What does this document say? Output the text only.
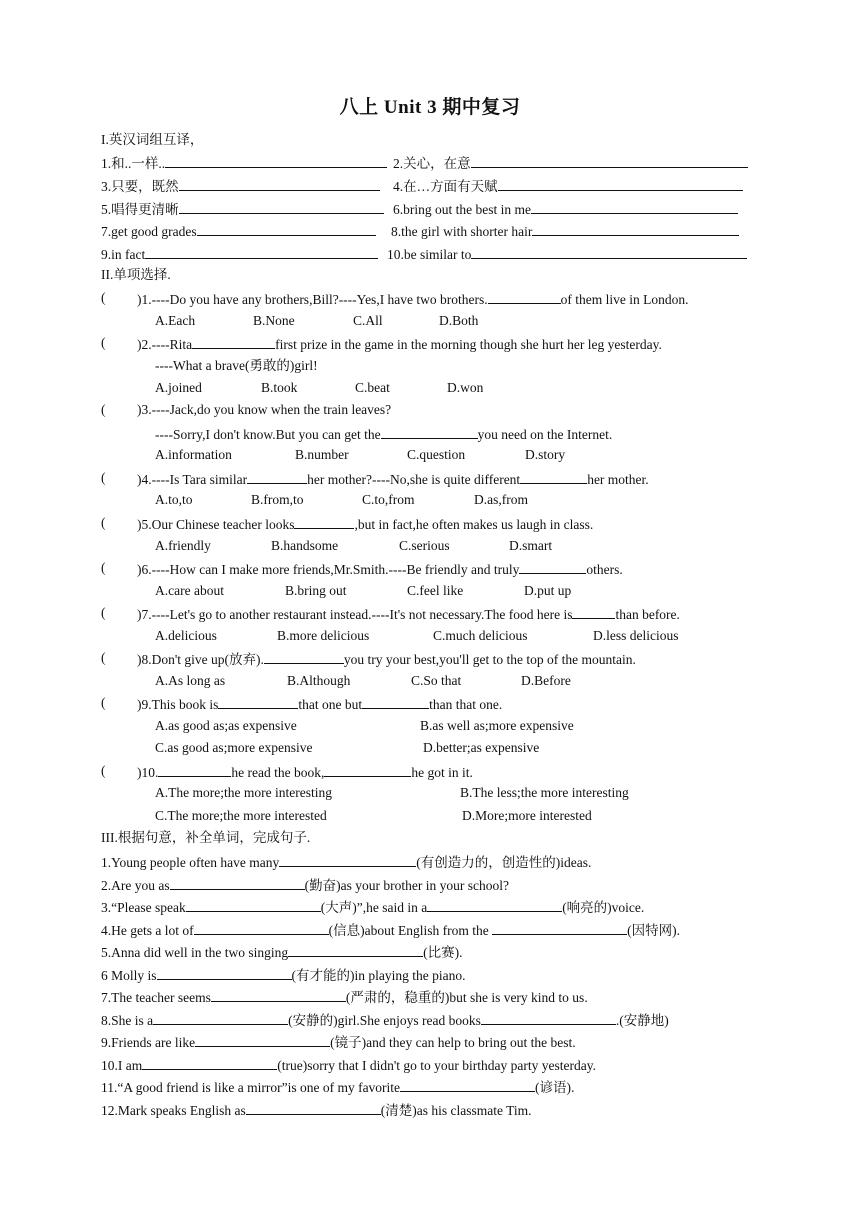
八上 Unit 3 期中复习
I.英汉词组互译，
1.和..一样..	2.关心，在意
3.只要，既然	4.在…方面有天赋
5.唱得更清晰	6.bring out the best in me
7.get good grades	8.the girl with shorter hair
9.in fact	10.be similar to
II.单项选择.
( )1.----Do you have any brothers,Bill?----Yes,I have two brothers.	of them live in London.
A.Each	B.None	C.All	D.Both
( )2.----Rita	first prize in the game in the morning though she hurt her leg yesterday.
----What a brave(勇敢的)girl!
A.joined	B.took	C.beat	D.won
( )3.----Jack,do you know when the train leaves?
----Sorry,I don't know.But you can get the	you need on the Internet.
A.information	B.number	C.question	D.story
( )4.----Is Tara similar	her mother?----No,she is quite different	her mother.
A.to,to	B.from,to	C.to,from	D.as,from
( )5.Our Chinese teacher looks	,but in fact,he often makes us laugh in class.
A.friendly	B.handsome	C.serious	D.smart
( )6.----How can I make more friends,Mr.Smith.----Be friendly and truly	others.
A.care about	B.bring out	C.feel like	D.put up
( )7.----Let's go to another restaurant instead.----It's not necessary.The food here is	than before.
A.delicious	B.more delicious	C.much delicious	D.less delicious
( )8.Don't give up(放弃).	you try your best,you'll get to the top of the mountain.
A.As long as	B.Although	C.So that	D.Before
( )9.This book is	that one but	than that one.
A.as good as;as expensive	B.as well as;more expensive
C.as good as;more expensive	D.better;as expensive
( )10.	he read the book,	he got in it.
A.The more;the more interesting	B.The less;the more interesting
C.The more;the more interested	D.More;more interested
III.根据句意，补全单词，完成句子.
1.Young people often have many	(有创造力的，创造性的)ideas.
2.Are you as	(勤奋)as your brother in your school?
3.“Please speak	(大声)”,he said in a	(响亮的)voice.
4.He gets a lot of	(信息)about English from the	(因特网).
5.Anna did well in the two singing	(比赛).
6 Molly is	(有才能的)in playing the piano.
7.The teacher seems	(严肃的，稳重的)but she is very kind to us.
8.She is a	(安静的)girl.She enjoys read books	.(安静地)
9.Friends are like	(镜子)and they can help to bring out the best.
10.I am	(true)sorry that I didn't go to your birthday party yesterday.
11.“A good friend is like a mirror”is one of my favorite	(谚语).
12.Mark speaks English as	(清楚)as his classmate Tim.
